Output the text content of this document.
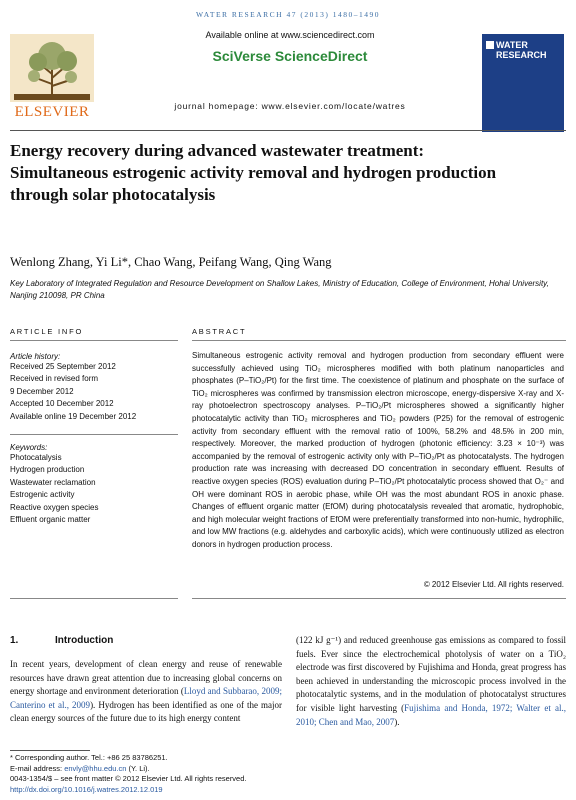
WATER RESEARCH 47 (2013) 1480–1490
ELSEVIER
Available online at www.sciencedirect.com
SciVerse ScienceDirect
journal homepage: www.elsevier.com/locate/watres
WATER
RESEARCH
Energy recovery during advanced wastewater treatment: Simultaneous estrogenic activity removal and hydrogen production through solar photocatalysis
Wenlong Zhang, Yi Li*, Chao Wang, Peifang Wang, Qing Wang
Key Laboratory of Integrated Regulation and Resource Development on Shallow Lakes, Ministry of Education, College of Environment, Hohai University, Nanjing 210098, PR China
ARTICLE INFO	ABSTRACT
Article history:
Received 25 September 2012
Received in revised form
9 December 2012
Accepted 10 December 2012
Available online 19 December 2012
Keywords:
Photocatalysis
Hydrogen production
Wastewater reclamation
Estrogenic activity
Reactive oxygen species
Effluent organic matter
Simultaneous estrogenic activity removal and hydrogen production from secondary effluent were successfully achieved using TiO₂ microspheres modified with both platinum nanoparticles and phosphates (P–TiO₂/Pt) for the first time. The coexistence of platinum and phosphate on the surface of TiO₂ microspheres was confirmed by transmission electron microscope, energy-dispersive X-ray and X-ray photoelectron spectroscopy analyses. P–TiO₂/Pt microspheres showed a significantly higher photocatalytic activity than TiO₂ microspheres and TiO₂ powders (P25) for the removal of estrogenic activity from secondary effluent with the removal ratio of 100%, 58.2% and 48.5% in 200 min, respectively. Moreover, the marked production of hydrogen (photonic efficiency: 3.23 × 10⁻³) was accompanied by the removal of estrogenic activity only with P–TiO₂/Pt as photocatalysts. The hydrogen production rate was increasing with decreased DO concentration in secondary effluent. Results of reactive oxygen species (ROS) evaluation during P–TiO₂/Pt photocatalytic process showed that O₂⁻ and OH were dominant ROS in aerobic phase, while OH was the most abundant ROS in anoxic phase. Changes of effluent organic matter (EfOM) during photocatalysis revealed that aromatic, hydrophobic, and high molecular weight fractions of EfOM were preferentially transformed into non-humic, hydrophilic, and low MW fractions (e.g. aldehydes and carboxylic acids), which were continuously utilized as electron donors in hydrogen production process.
© 2012 Elsevier Ltd. All rights reserved.
1.	Introduction
In recent years, development of clean energy and reuse of renewable resources have drawn great attention due to increasing global concerns on energy shortage and environment deterioration (Lloyd and Subbarao, 2009; Canterino et al., 2009). Hydrogen has been identified as one of the major clean energy sources of the future due to its high energy content
(122 kJ g⁻¹) and reduced greenhouse gas emissions as compared to fossil fuels. Ever since the electrochemical photolysis of water on a TiO₂ electrode was first discovered by Fujishima and Honda, great progress has been achieved in understanding the microscopic process involved in the photocatalytic systems, and in the modulation of photocatalyst structures for visible light harvesting (Fujishima and Honda, 1972; Walter et al., 2010; Chen and Mao, 2007).
* Corresponding author. Tel.: +86 25 83786251.
E-mail address: envly@hhu.edu.cn (Y. Li).
0043-1354/$ – see front matter © 2012 Elsevier Ltd. All rights reserved.
http://dx.doi.org/10.1016/j.watres.2012.12.019
